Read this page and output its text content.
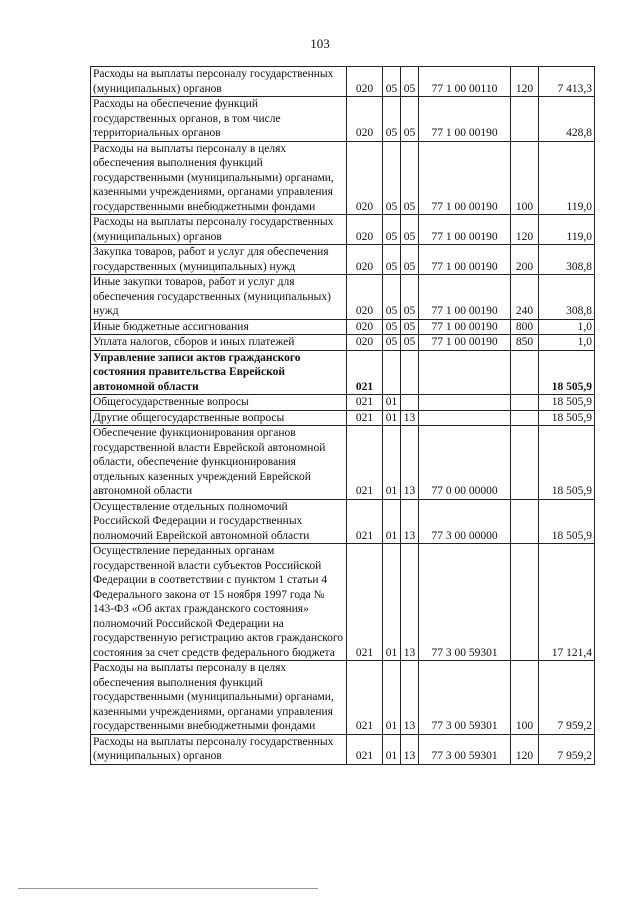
103
Расходы на выплаты персоналу государственных (муниципальных) органов	020	05	05	77 1 00 00110	120	7 413,3
Расходы на обеспечение функций государственных органов, в том числе территориальных органов	020	05	05	77 1 00 00190		428,8
Расходы на выплаты персоналу в целях обеспечения выполнения функций государственными (муниципальными) органами, казенными учреждениями, органами управления государственными внебюджетными фондами	020	05	05	77 1 00 00190	100	119,0
Расходы на выплаты персоналу государственных (муниципальных) органов	020	05	05	77 1 00 00190	120	119,0
Закупка товаров, работ и услуг для обеспечения государственных (муниципальных) нужд	020	05	05	77 1 00 00190	200	308,8
Иные закупки товаров, работ и услуг для обеспечения государственных (муниципальных) нужд	020	05	05	77 1 00 00190	240	308,8
Иные бюджетные ассигнования	020	05	05	77 1 00 00190	800	1,0
Уплата налогов, сборов и иных платежей	020	05	05	77 1 00 00190	850	1,0
Управление записи актов гражданского состояния правительства Еврейской автономной области	021					18 505,9
Общегосударственные вопросы	021	01				18 505,9
Другие общегосударственные вопросы	021	01	13			18 505,9
Обеспечение функционирования органов государственной власти Еврейской автономной области, обеспечение функционирования отдельных казенных учреждений Еврейской автономной области	021	01	13	77 0 00 00000		18 505,9
Осуществление отдельных полномочий Российской Федерации и государственных полномочий Еврейской автономной области	021	01	13	77 3 00 00000		18 505,9
Осуществление переданных органам государственной власти субъектов Российской Федерации в соответствии с пунктом 1 статьи 4 Федерального закона от 15 ноября 1997 года № 143-ФЗ «Об актах гражданского состояния» полномочий Российской Федерации на государственную регистрацию актов гражданского состояния за счет средств федерального бюджета	021	01	13	77 3 00 59301		17 121,4
Расходы на выплаты персоналу в целях обеспечения выполнения функций государственными (муниципальными) органами, казенными учреждениями, органами управления государственными внебюджетными фондами	021	01	13	77 3 00 59301	100	7 959,2
Расходы на выплаты персоналу государственных (муниципальных) органов	021	01	13	77 3 00 59301	120	7 959,2
